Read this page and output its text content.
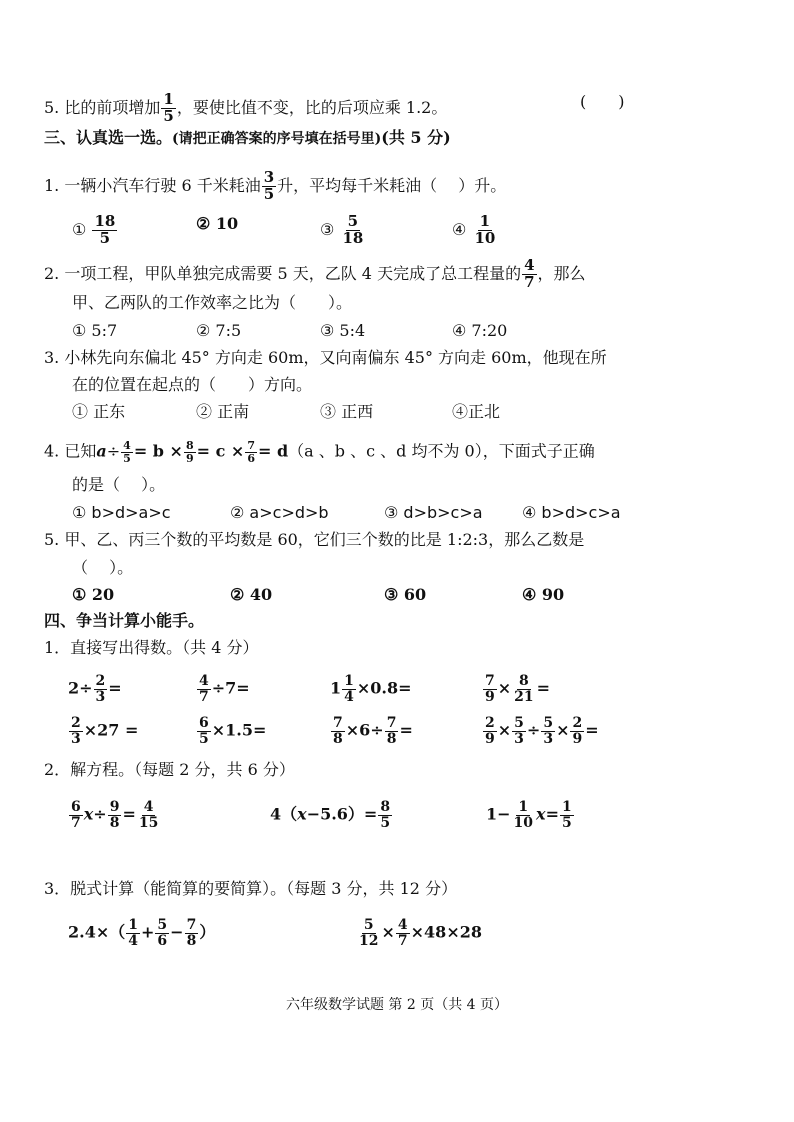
5. 比的前项增加 $\frac{1}{5}$ ，要使比值不变，比的后项应乘 1.2。	(　　)
三、认真选一选。(请把正确答案的序号填在括号里)(共 5 分)
1. 一辆小汽车行驶 6 千米耗油 $\frac{3}{5}$ 升，平均每千米耗油（　 ）升。
① $\frac{18}{5}$	② 10	③ $\frac{5}{18}$	④ $\frac{1}{10}$
2. 一项工程，甲队单独完成需要 5 天，乙队 4 天完成了总工程量的 $\frac{4}{7}$ ，那么
甲、乙两队的工作效率之比为（　　）。
① 5:7	② 7:5	③ 5:4	④ 7:20
3. 小林先向东偏北 45° 方向走 60m，又向南偏东 45° 方向走 60m，他现在所
在的位置在起点的（　　）方向。
① 正东	② 正南	③ 正西	④正北
4. 已知$a\div \frac{4}{5} = b \times \frac{8}{9} = c \times \frac{7}{6} = d(a$ 、b 、c 、d 均不为 0），下面式子正确
的是（　 ）。
① b>d>a>c	② a>c>d>b	③ d>b>c>a ④ b>d>c>a
5. 甲、乙、丙三个数的平均数是 60，它们三个数的比是 1:2:3，那么乙数是
（　 ）。
① 20	② 40	③ 60	④ 90
四、争当计算小能手。
1．直接写出得数。（共 4 分）
$2\div \frac{2}{3}$ =	$\frac{4}{7} \div 7=$	$1 \frac{1}{4} \times 0.8=$	$\frac{7}{9} \times \frac{8}{21}$ =
$\frac{2}{3} \times 27$ =	$\frac{6}{5} \times 1.5=$	$\frac{7}{8} \times 6\div \frac{7}{8}$ =	$\frac{2}{9} \times \frac{5}{3} \div \frac{5}{3} \times \frac{2}{9}$ =
2．解方程。（每题 2 分，共 6 分）
$\frac{6}{7} x\div \frac{9}{8} = \frac{4}{15}$	$4(x-5.6)= \frac{8}{5}$	$1- \frac{1}{10} x= \frac{1}{5}$
3．脱式计算（能简算的要简算）。（每题 3 分，共 12 分）
$2.4\times( \frac{1}{4} + \frac{5}{6} - \frac{7}{8}$ ）	$\frac{5}{12} \times \frac{4}{7} \times 48\times 28$
六年级数学试题 第 2 页（共 4 页）
